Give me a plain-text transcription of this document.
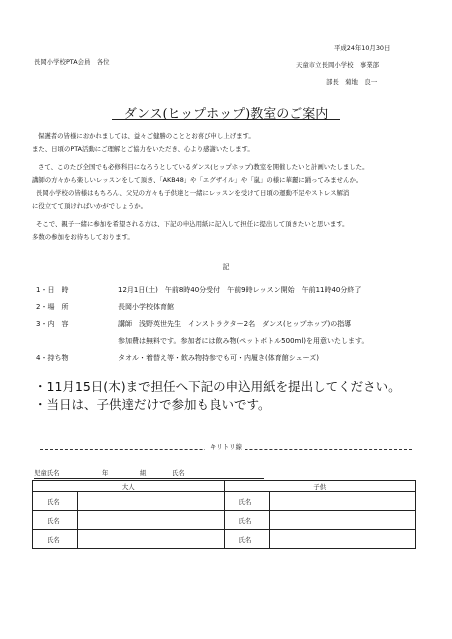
平成24年10月30日
長岡小学校PTA会員　各位	天童市立長岡小学校　事業部
部長　菊地　良一
ダンス(ヒップホップ)教室のご案内
保護者の皆様におかれましては、益々ご健勝のこととお喜び申し上げます。
また、日頃のPTA活動にご理解とご協力をいただき、心より感謝いたします。
さて、このたび全国でも必修科目になろうとしているダンス(ヒップホップ)教室を開催したいと計画いたしました。
講師の方々から楽しいレッスンをして頂き、「AKB48」や「エグザイル」や「嵐」の様に華麗に踊ってみませんか。
長岡小学校の皆様はもちろん、父兄の方々も子供達と一緒にレッスンを受けて日頃の運動不足やストレス解消
に役立てて頂ければいかがでしょうか。
そこで、親子一緒に参加を希望される方は、下記の申込用紙に記入して担任に提出して頂きたいと思います。
多数の参加をお待ちしております。
記
1・日　時	12月1日(土)　午前8時40分受付　午前9時レッスン開始　午前11時40分終了
2・場　所	長岡小学校体育館
3・内　容	講師　浅野英世先生　インストラクター2名　ダンス(ヒップホップ)の指導
参加費は無料です。参加者には飲み物(ペットボトル500ml)を用意いたします。
4・持ち物	タオル・着替え等・飲み物持参でも可・内履き(体育館シューズ)
・11月15日(木)まで担任へ下記の申込用紙を提出してください。
・当日は、子供達だけで参加も良いです。
キリトリ線
児童氏名	年	組	氏名
大人		子供	
氏名		氏名	
氏名		氏名	
氏名		氏名	
